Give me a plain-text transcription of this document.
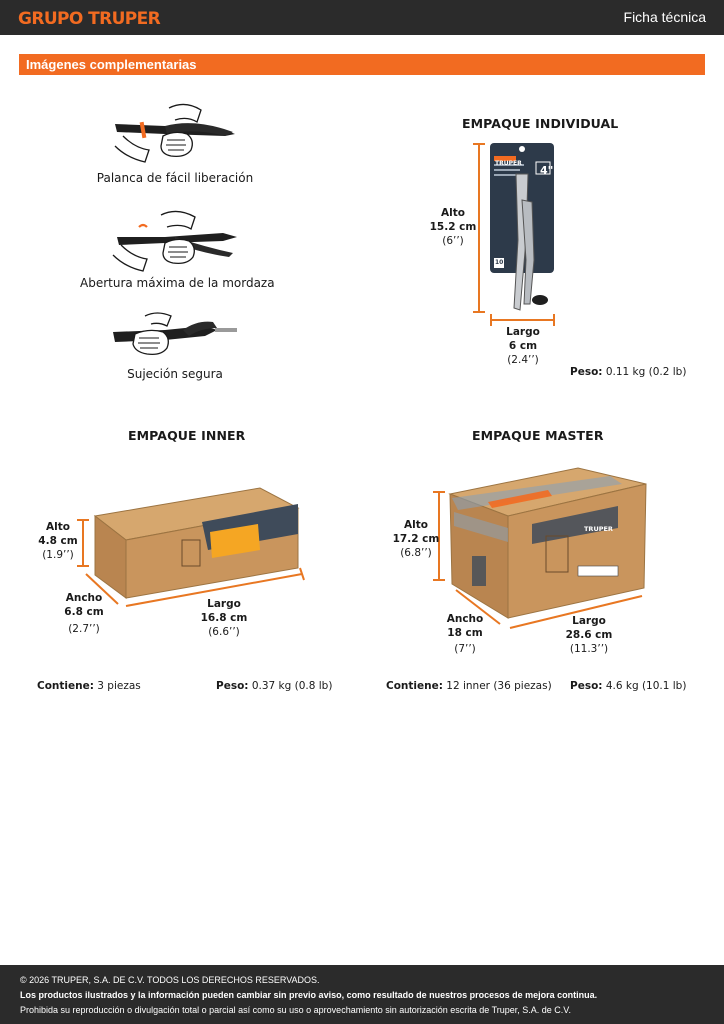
GRUPO TRUPER	Ficha técnica
Imágenes complementarias
Palanca de fácil liberación
Abertura máxima de la mordaza
Sujeción segura
EMPAQUE INDIVIDUAL
TRUPER
4"
10
Alto
15.2 cm
(6’’)
Largo
6 cm
(2.4’’)
Peso: 0.11 kg (0.2 lb)
EMPAQUE INNER
Alto
4.8 cm
(1.9’’)
Ancho
6.8 cm
(2.7’’)
Largo
16.8 cm
(6.6’’)
Contiene: 3 piezas	Peso: 0.37 kg (0.8 lb)
EMPAQUE MASTER
TRUPER
Alto
17.2 cm
(6.8’’)
Ancho
18 cm
(7’’)
Largo
28.6 cm
(11.3’’)
Contiene: 12 inner (36 piezas) Peso: 4.6 kg (10.1 lb)
© 2026 TRUPER, S.A. DE C.V. TODOS LOS DERECHOS RESERVADOS.
Los productos ilustrados y la información pueden cambiar sin previo aviso, como resultado de nuestros procesos de mejora continua.
Prohibida su reproducción o divulgación total o parcial así como su uso o aprovechamiento sin autorización escrita de Truper, S.A. de C.V.
